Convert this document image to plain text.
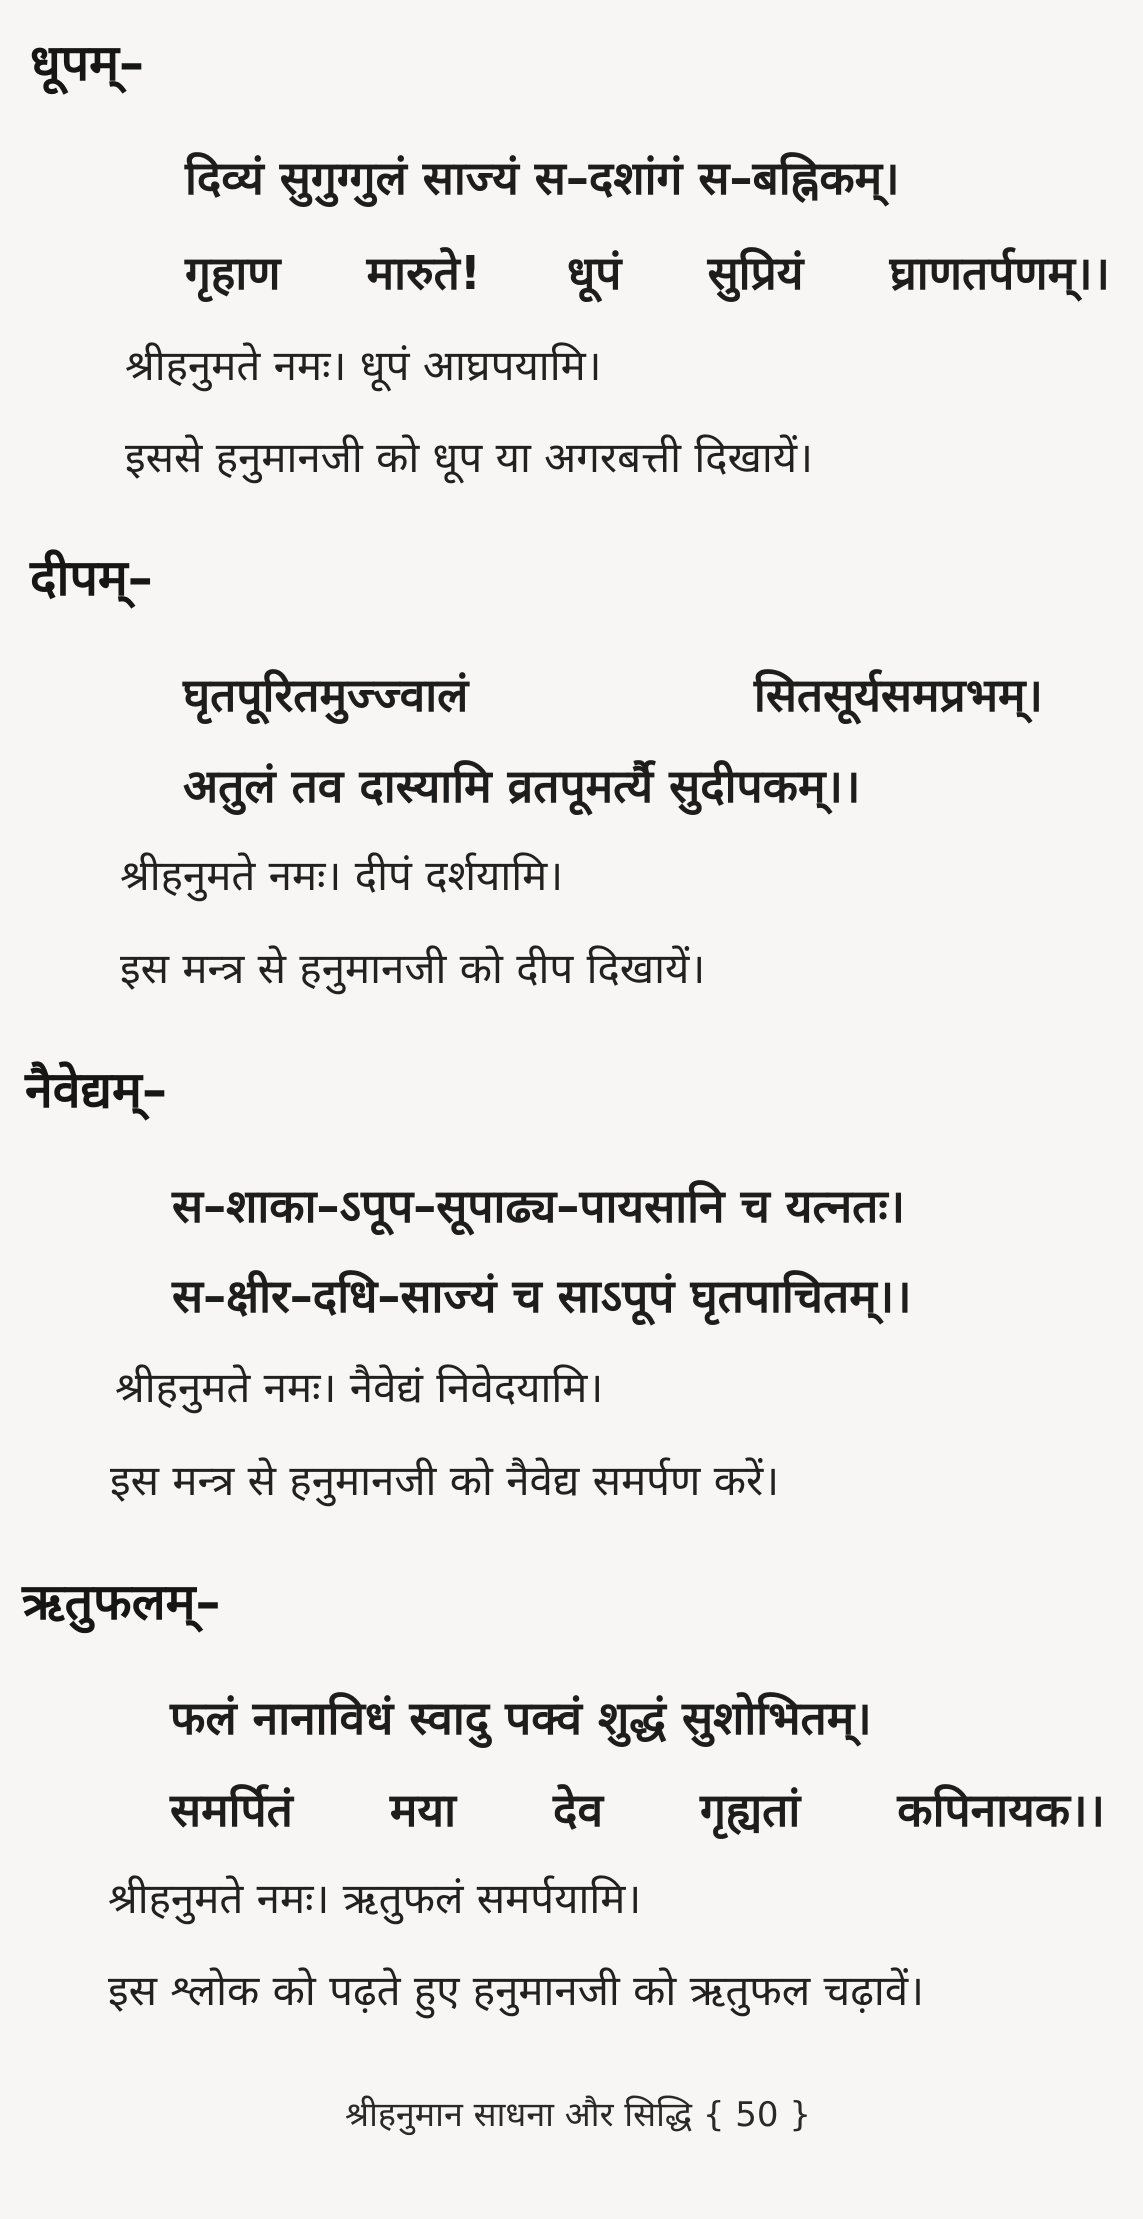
धूपम्–
दिव्यं सुगुग्गुलं साज्यं स–दशांगं स–बह्निकम्।
गृहाण मारुते! धूपं सुप्रियं घ्राणतर्पणम्।।
श्रीहनुमते नमः। धूपं आघ्रपयामि।
इससे हनुमानजी को धूप या अगरबत्ती दिखायें।
दीपम्–
घृतपूरितमुज्ज्वालं	सितसूर्यसमप्रभम्।
अतुलं तव दास्यामि व्रतपूमर्त्यै सुदीपकम्।।
श्रीहनुमते नमः। दीपं दर्शयामि।
इस मन्त्र से हनुमानजी को दीप दिखायें।
नैवेद्यम्–
स–शाका–ऽपूप–सूपाढ्य–पायसानि च यत्नतः।
स–क्षीर–दधि–साज्यं च साऽपूपं घृतपाचितम्।।
श्रीहनुमते नमः। नैवेद्यं निवेदयामि।
इस मन्त्र से हनुमानजी को नैवेद्य समर्पण करें।
ऋतुफलम्–
फलं नानाविधं स्वादु पक्वं शुद्धं सुशोभितम्।
समर्पितं मया देव गृह्यतां कपिनायक।।
श्रीहनुमते नमः। ऋतुफलं समर्पयामि।
इस श्लोक को पढ़ते हुए हनुमानजी को ऋतुफल चढ़ावें।
श्रीहनुमान साधना और सिद्धि { 50 }
